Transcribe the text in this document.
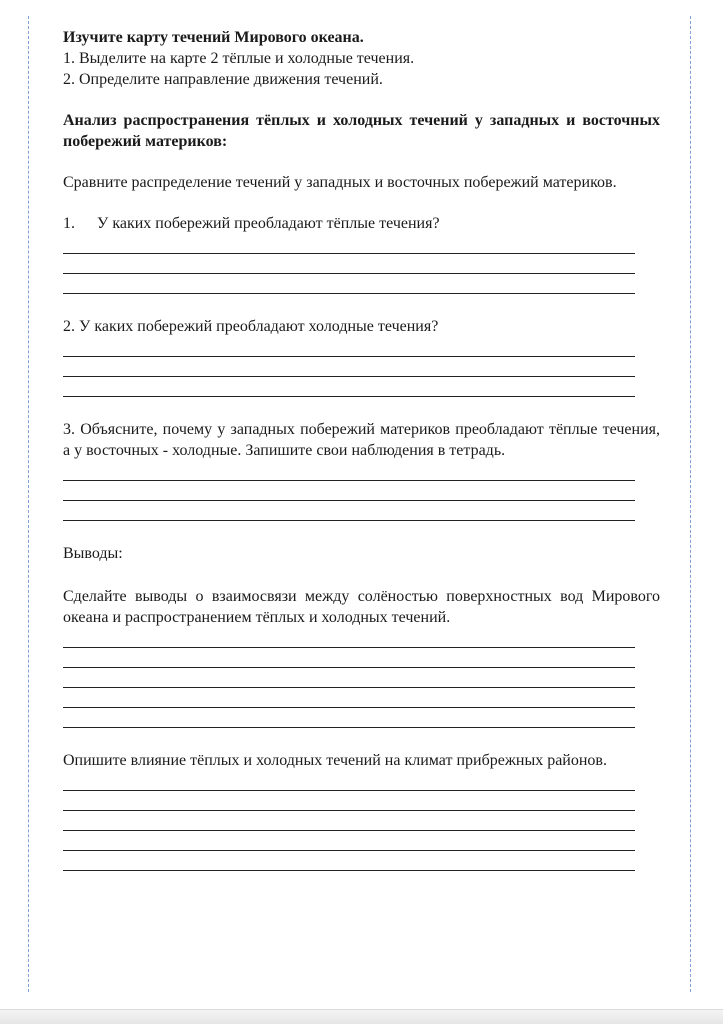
Изучите карту течений Мирового океана.

1. Выделите на карте 2 тёплые и холодные течения.

2. Определите направление движения течений.

Анализ распространения тёплых и холодных течений у западных и восточных побережий материков:

Сравните распределение течений у западных и восточных побережий материков.

1.	У каких побережий преобладают тёплые течения?

2. У каких побережий преобладают холодные течения?

3. Объясните, почему у западных побережий материков преобладают тёплые течения, а у восточных - холодные. Запишите свои наблюдения в тетрадь.

Выводы:

Сделайте выводы о взаимосвязи между солёностью поверхностных вод Мирового океана и распространением тёплых и холодных течений.

Опишите влияние тёплых и холодных течений на климат прибрежных районов.
